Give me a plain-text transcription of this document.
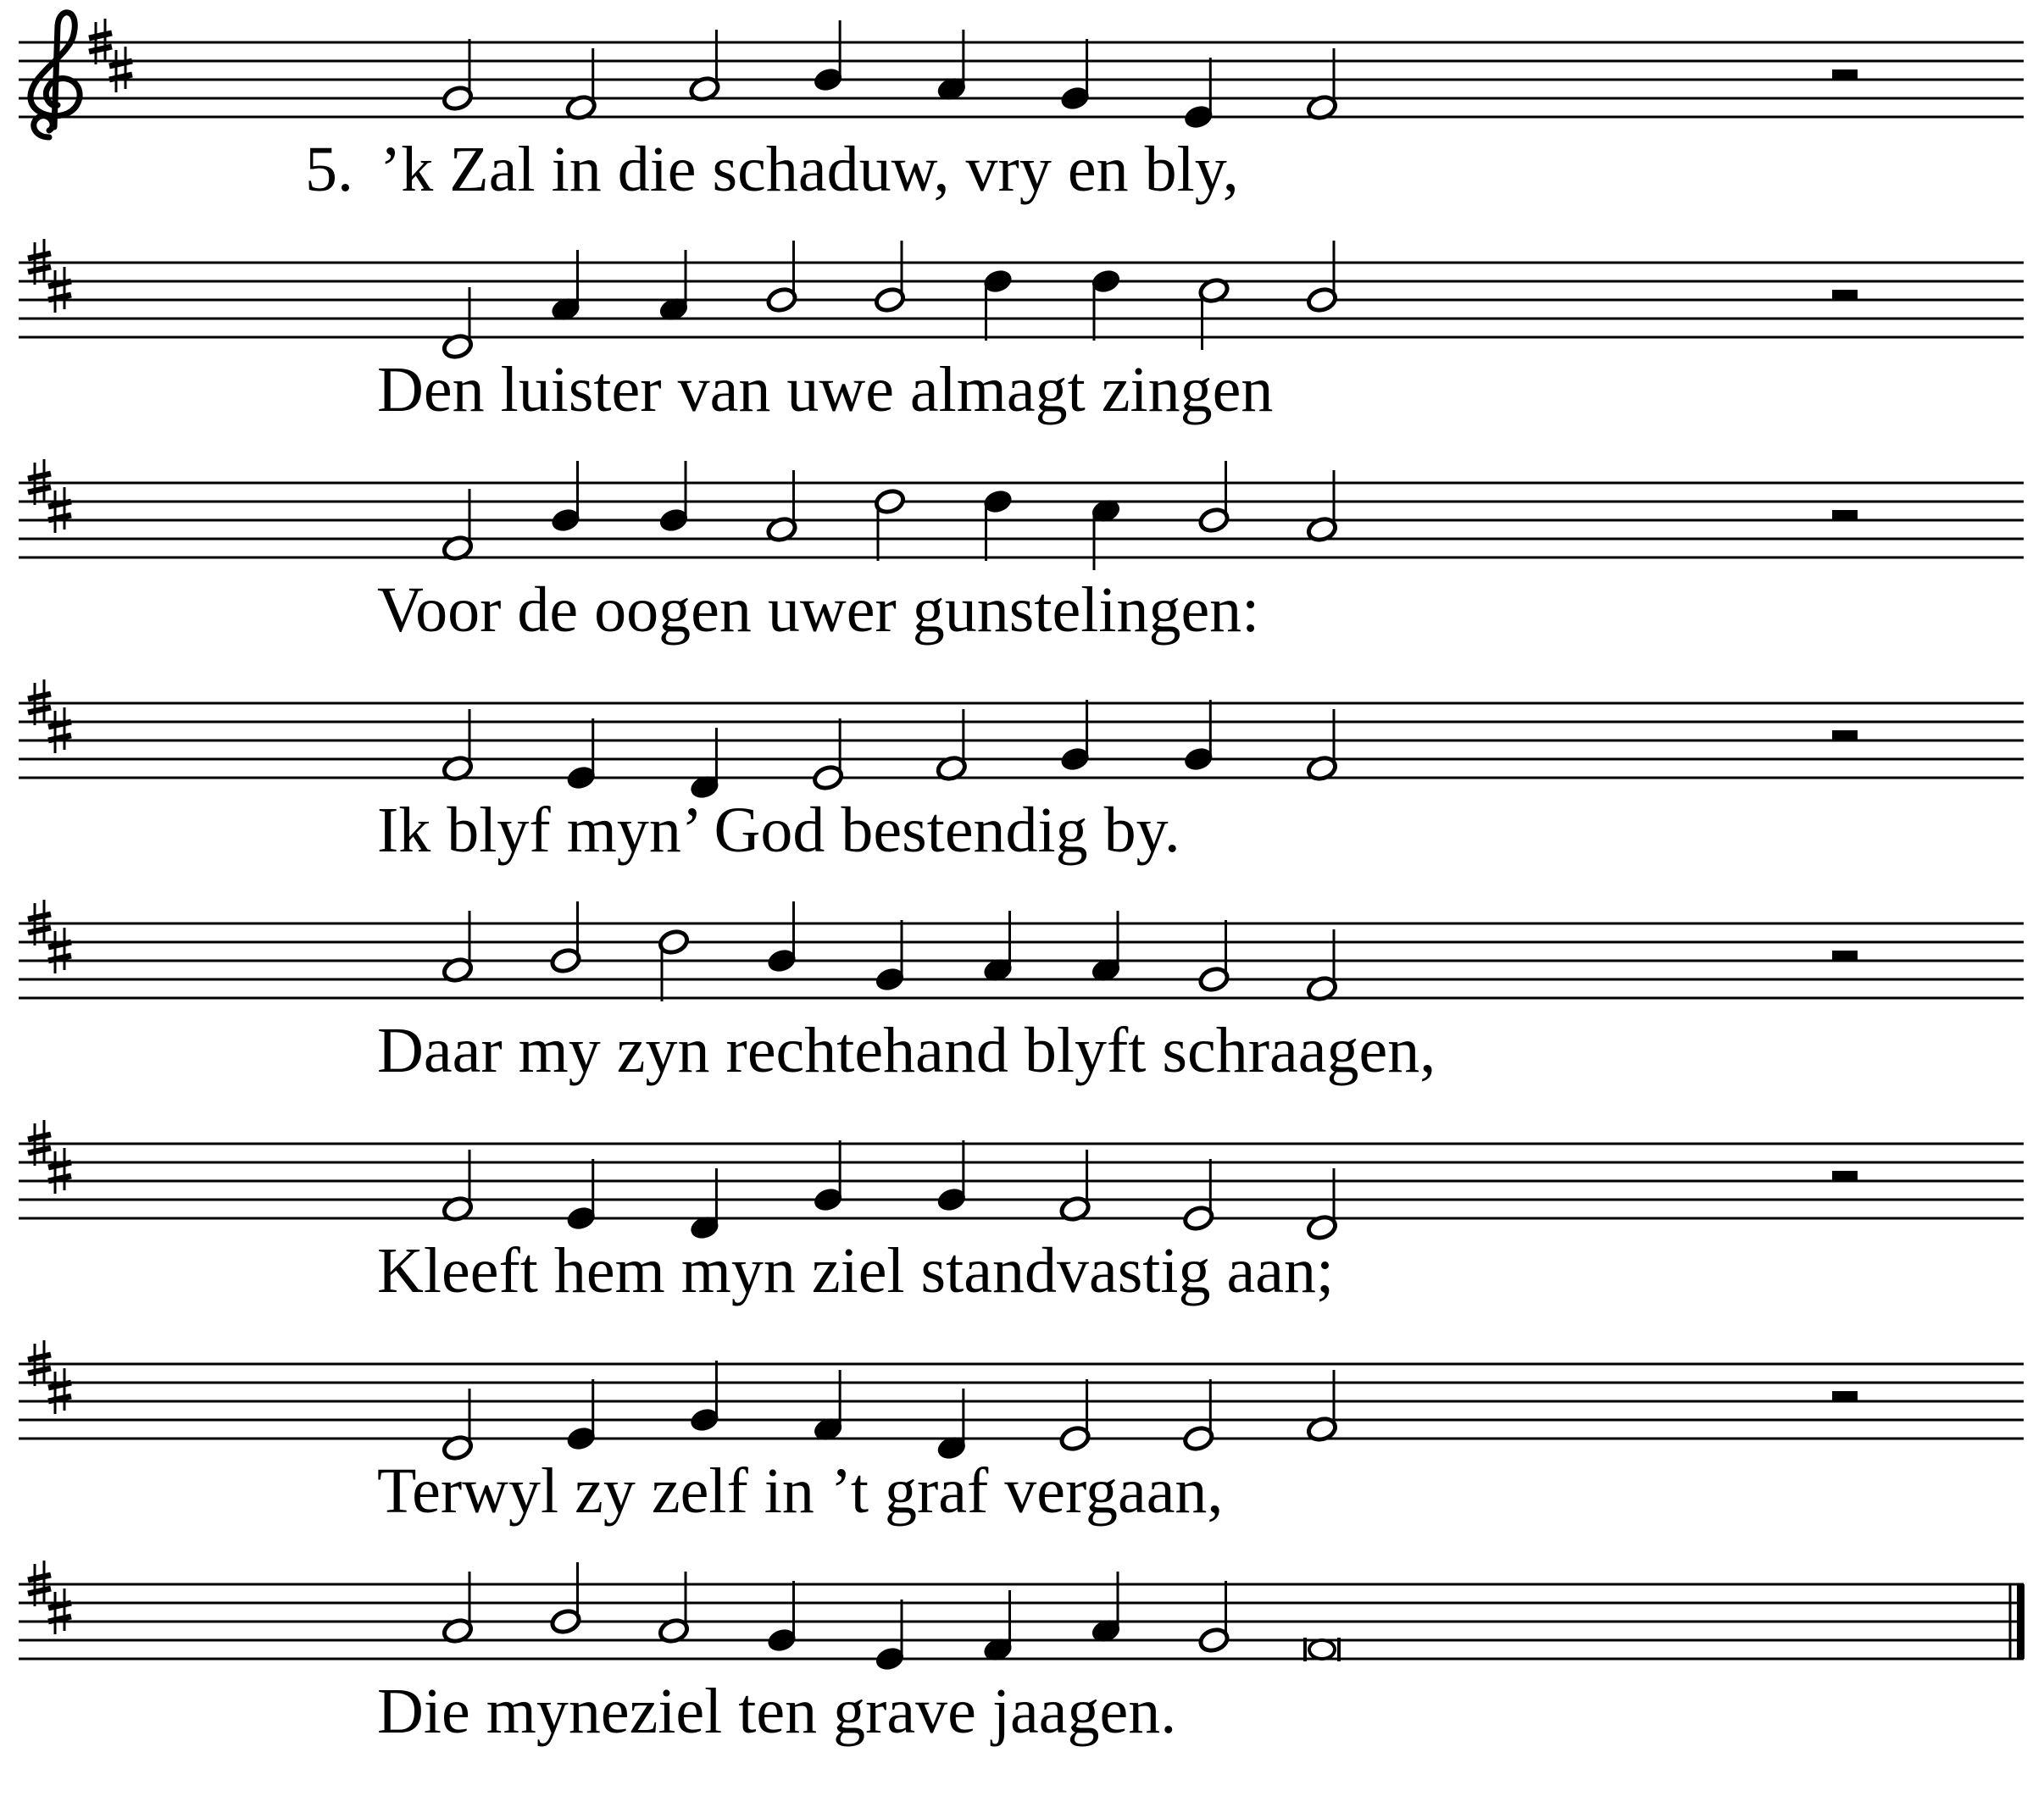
’k Zal in die schaduw, vry en bly,
5.
Den luister van uwe almagt zingen
Voor de oogen uwer gunstelingen:
Ik blyf myn’ God bestendig by.
Daar my zyn rechtehand blyft schraagen,
Kleeft hem myn ziel standvastig aan;
Terwyl zy zelf in ’t graf vergaan,
Die myneziel ten grave jaagen.
